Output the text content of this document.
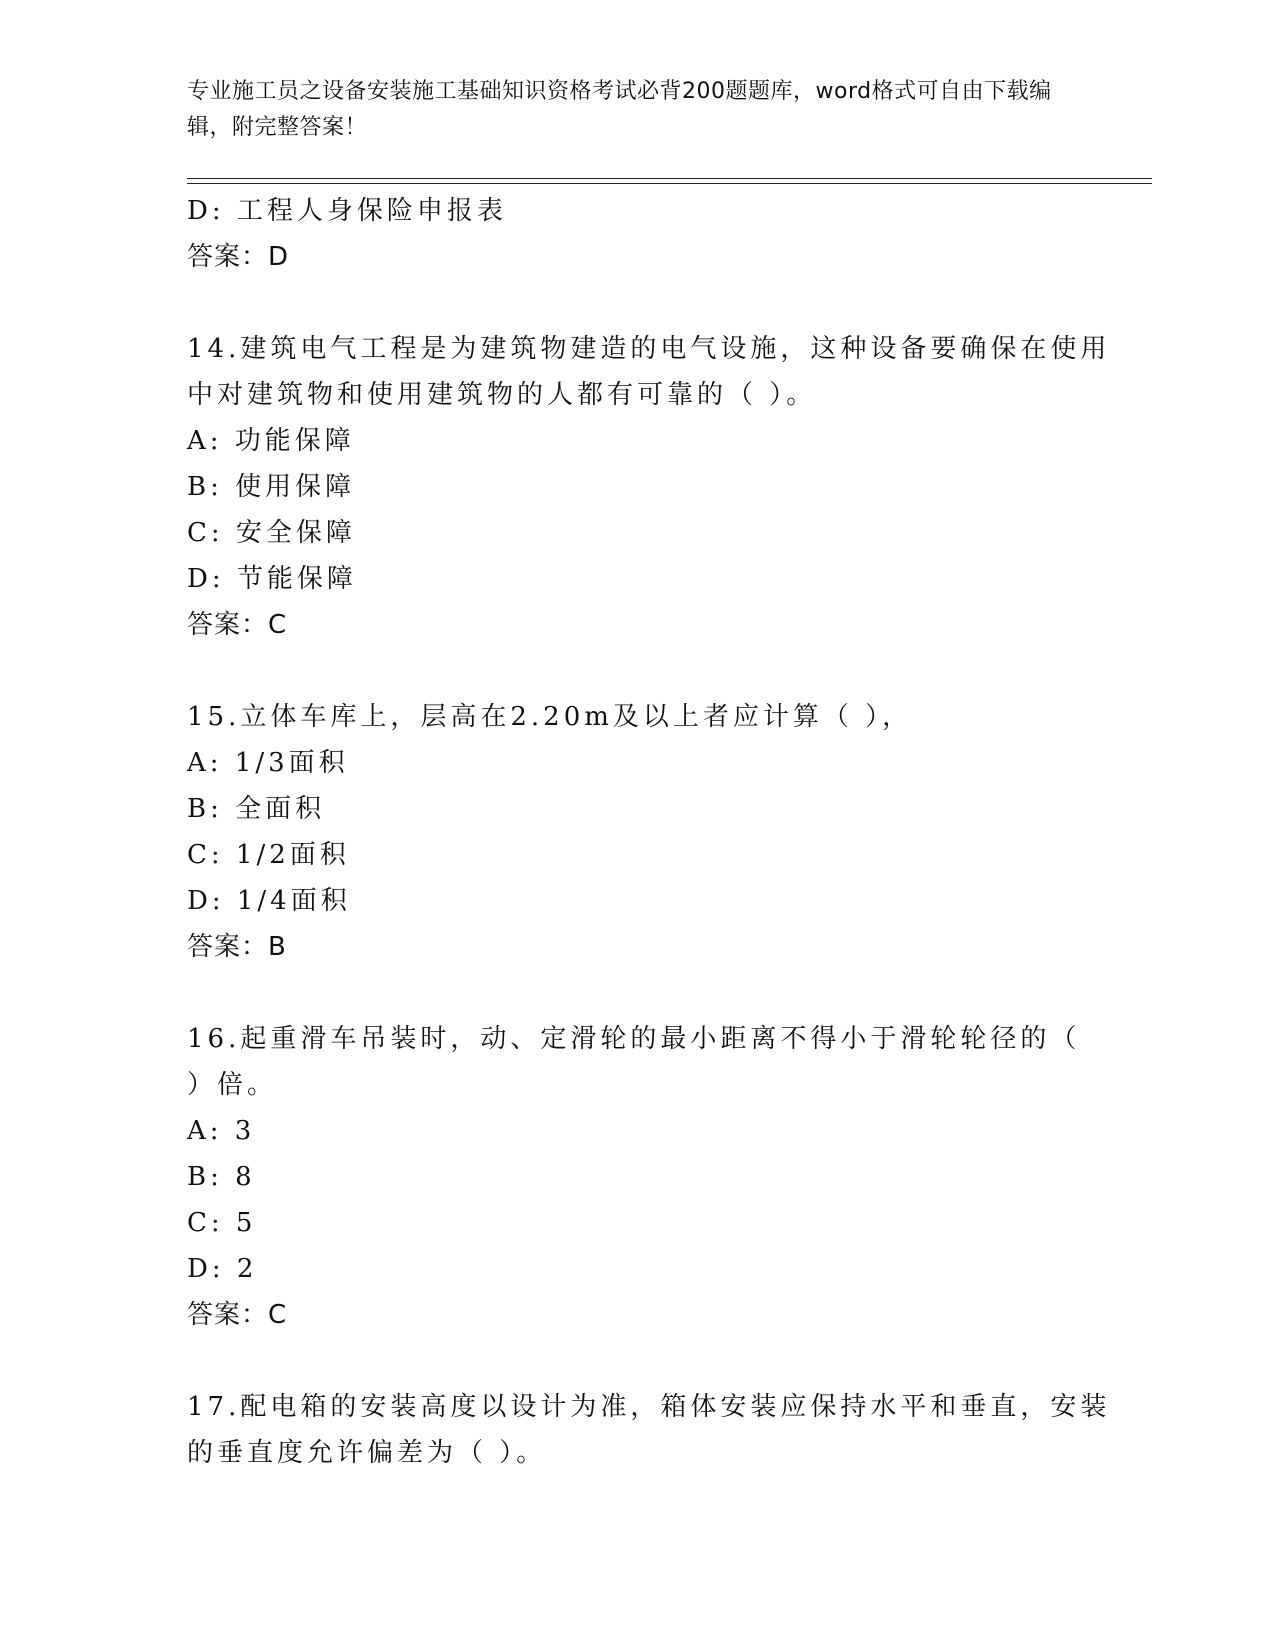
专业施工员之设备安装施工基础知识资格考试必背200题题库，word格式可自由下载编辑，附完整答案！
D: 工程人身保险申报表
答案：D
14.建筑电气工程是为建筑物建造的电气设施，这种设备要确保在使用
中对建筑物和使用建筑物的人都有可靠的（ ）。
A: 功能保障
B: 使用保障
C: 安全保障
D: 节能保障
答案：C
15.立体车库上，层高在2.20m及以上者应计算（ ），
A: 1/3面积
B: 全面积
C: 1/2面积
D: 1/4面积
答案：B
16.起重滑车吊装时，动、定滑轮的最小距离不得小于滑轮轮径的（
）倍。
A: 3
B: 8
C: 5
D: 2
答案：C
17.配电箱的安装高度以设计为准，箱体安装应保持水平和垂直，安装
的垂直度允许偏差为（ ）。
